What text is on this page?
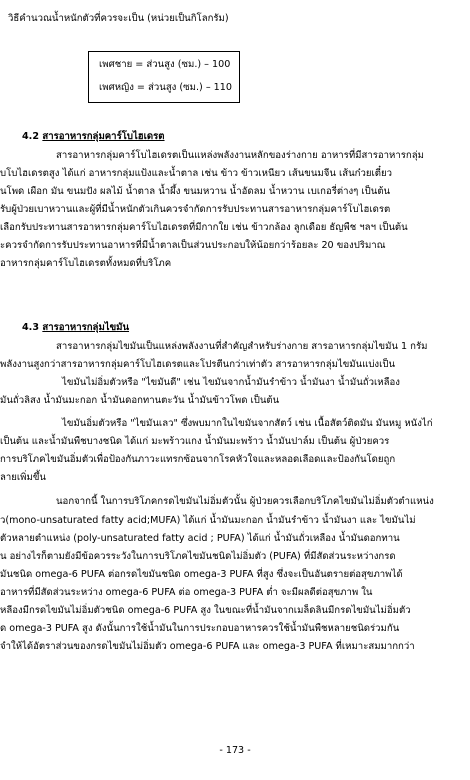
วิธีคำนวณน้ำหนักตัวที่ควรจะเป็น (หน่วยเป็นกิโลกรัม)
เพศชาย = ส่วนสูง (ซม.) – 100
เพศหญิง = ส่วนสูง (ซม.) – 110
4.2 สารอาหารกลุ่มคาร์โบไฮเดรต
สารอาหารกลุ่มคาร์โบไฮเดรตเป็นแหล่งพลังงานหลักของร่างกาย อาหารที่มีสารอาหารกลุ่ม
บโบไฮเดรตสูง ได้แก่ อาหารกลุ่มแป้งและน้ำตาล เช่น ข้าว ข้าวเหนียว เส้นขนมจีน เส้นก๋วยเตี๋ยว
นโพด เผือก มัน ขนมปัง ผลไม้ น้ำตาล น้ำผึ้ง ขนมหวาน น้ำอัดลม น้ำหวาน เบเกอรี่ต่างๆ เป็นต้น
รับผู้ป่วยเบาหวานและผู้ที่มีน้ำหนักตัวเกินควรจำกัดการรับประทานสารอาหารกลุ่มคาร์โบไฮเดรต
เลือกรับประทานสารอาหารกลุ่มคาร์โบไฮเดรตที่มีกากใย เช่น ข้าวกล้อง ลูกเดือย ธัญพืช ฯลฯ เป็นต้น
ะควรจำกัดการรับประทานอาหารที่มีน้ำตาลเป็นส่วนประกอบให้น้อยกว่าร้อยละ 20 ของปริมาณ
อาหารกลุ่มคาร์โบไฮเดรตทั้งหมดที่บริโภค
4.3 สารอาหารกลุ่มไขมัน
สารอาหารกลุ่มไขมันเป็นแหล่งพลังงานที่สำคัญสำหรับร่างกาย สารอาหารกลุ่มไขมัน 1 กรัม
พลังงานสูงกว่าสารอาหารกลุ่มคาร์โบไฮเดรตและโปรตีนกว่าเท่าตัว สารอาหารกลุ่มไขมันแบ่งเป็น
ไขมันไม่อิ่มตัวหรือ "ไขมันดี" เช่น ไขมันจากน้ำมันรำข้าว น้ำมันงา น้ำมันถั่วเหลือง
มันถั่วลิสง น้ำมันมะกอก น้ำมันดอกทานตะวัน น้ำมันข้าวโพด เป็นต้น
ไขมันอิ่มตัวหรือ "ไขมันเลว" ซึ่งพบมากในไขมันจากสัตว์ เช่น เนื้อสัตว์ติดมัน มันหมู หนังไก่
เป็นต้น และน้ำมันพืชบางชนิด ได้แก่ มะพร้าวแกง น้ำมันมะพร้าว น้ำมันปาล์ม เป็นต้น ผู้ป่วยควร
การบริโภคไขมันอิ่มตัวเพื่อป้องกันภาวะแทรกซ้อนจากโรคหัวใจและหลอดเลือดและป้องกันโดยถูก
ลายเพิ่มขึ้น
นอกจากนี้ ในการบริโภคกรดไขมันไม่อิ่มตัวนั้น ผู้ป่วยควรเลือกบริโภคไขมันไม่อิ่มตัวตำแหน่ง
ว(mono-unsaturated fatty acid;MUFA) ได้แก่ น้ำมันมะกอก น้ำมันรำข้าว น้ำมันงา และ ไขมันไม่
ตัวหลายตำแหน่ง (poly-unsaturated fatty acid ; PUFA) ได้แก่ น้ำมันถั่วเหลือง น้ำมันดอกทาน
ัน อย่างไรก็ตามยังมีข้อควรระวังในการบริโภคไขมันชนิดไม่อิ่มตัว (PUFA) ที่มีสัดส่วนระหว่างกรด
มันชนิด omega-6 PUFA ต่อกรดไขมันชนิด omega-3 PUFA ที่สูง ซึ่งจะเป็นอันตรายต่อสุขภาพได้
อาหารที่มีสัดส่วนระหว่าง omega-6 PUFA ต่อ omega-3 PUFA ต่ำ จะมีผลดีต่อสุขภาพ ใน
หลีองมีกรดไขมันไม่อิ่มตัวชนิด omega-6 PUFA สูง ในขณะที่น้ำมันจากเมล็ดลินมีกรดไขมันไม่อิ่มตัว
ด omega-3 PUFA สูง ดังนั้นการใช้น้ำมันในการประกอบอาหารควรใช้น้ำมันพืชหลายชนิดร่วมกัน
จำให้ได้อัตราส่วนของกรดไขมันไม่อิ่มตัว omega-6 PUFA และ omega-3 PUFA ที่เหมาะสมมากกว่า
- 173 -
